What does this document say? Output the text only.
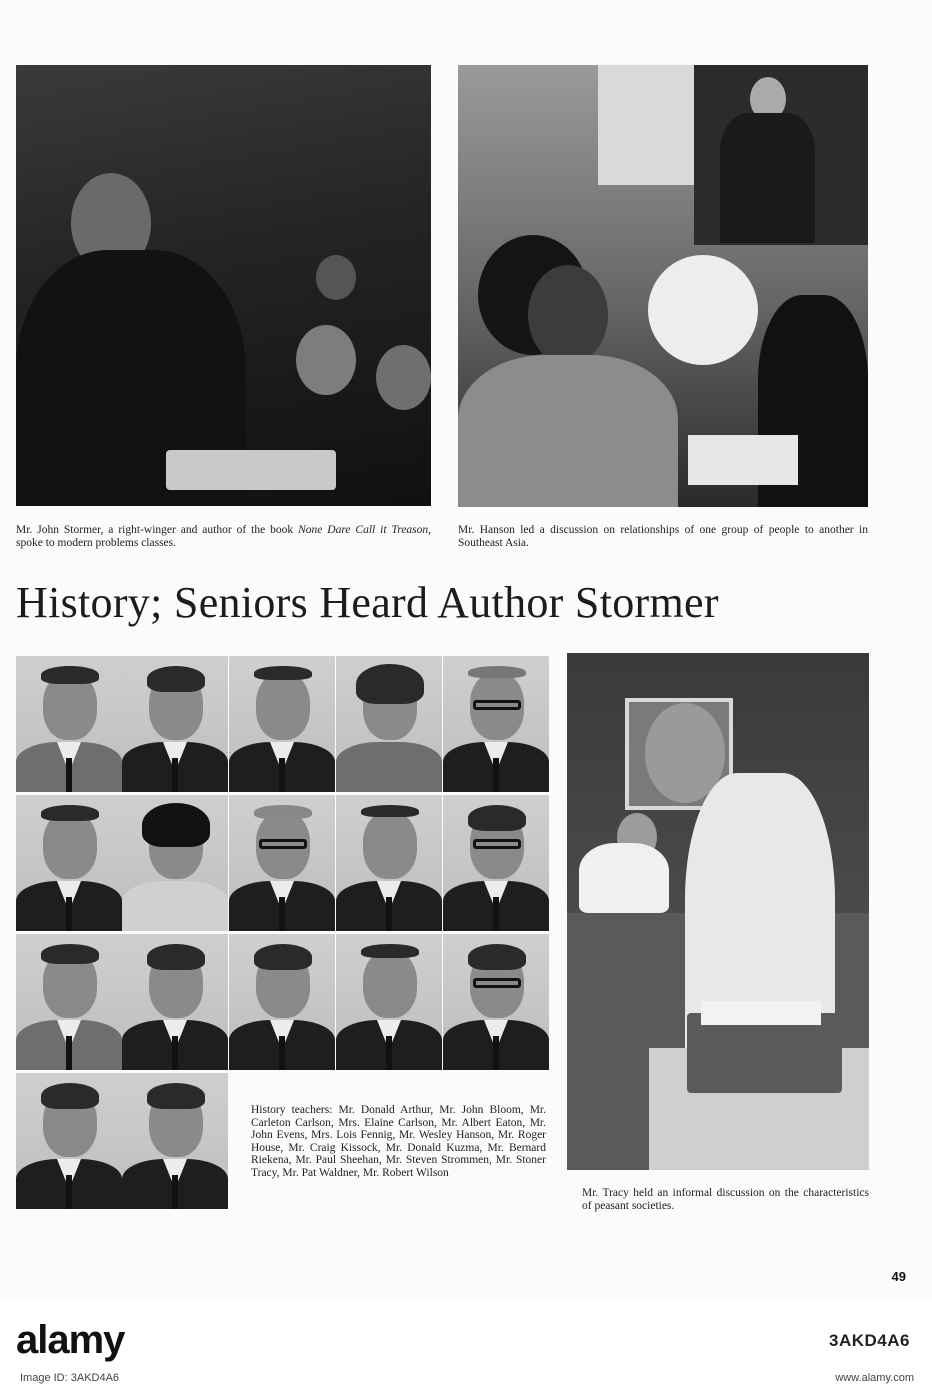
Mr. John Stormer, a right-winger and author of the book None Dare Call it Treason, spoke to modern problems classes.
Mr. Hanson led a discussion on relationships of one group of people to another in Southeast Asia.
History; Seniors Heard Author Stormer
History teachers: Mr. Donald Arthur, Mr. John Bloom, Mr. Carleton Carlson, Mrs. Elaine Carlson, Mr. Albert Eaton, Mr. John Evens, Mrs. Lois Fennig, Mr. Wesley Hanson, Mr. Roger House, Mr. Craig Kissock, Mr. Donald Kuzma, Mr. Bernard Riekena, Mr. Paul Sheehan, Mr. Steven Strommen, Mr. Stoner Tracy, Mr. Pat Waldner, Mr. Robert Wilson
Mr. Tracy held an informal discussion on the characteristics of peasant societies.
49
alamy	3AKD4A6
Image ID: 3AKD4A6	www.alamy.com
